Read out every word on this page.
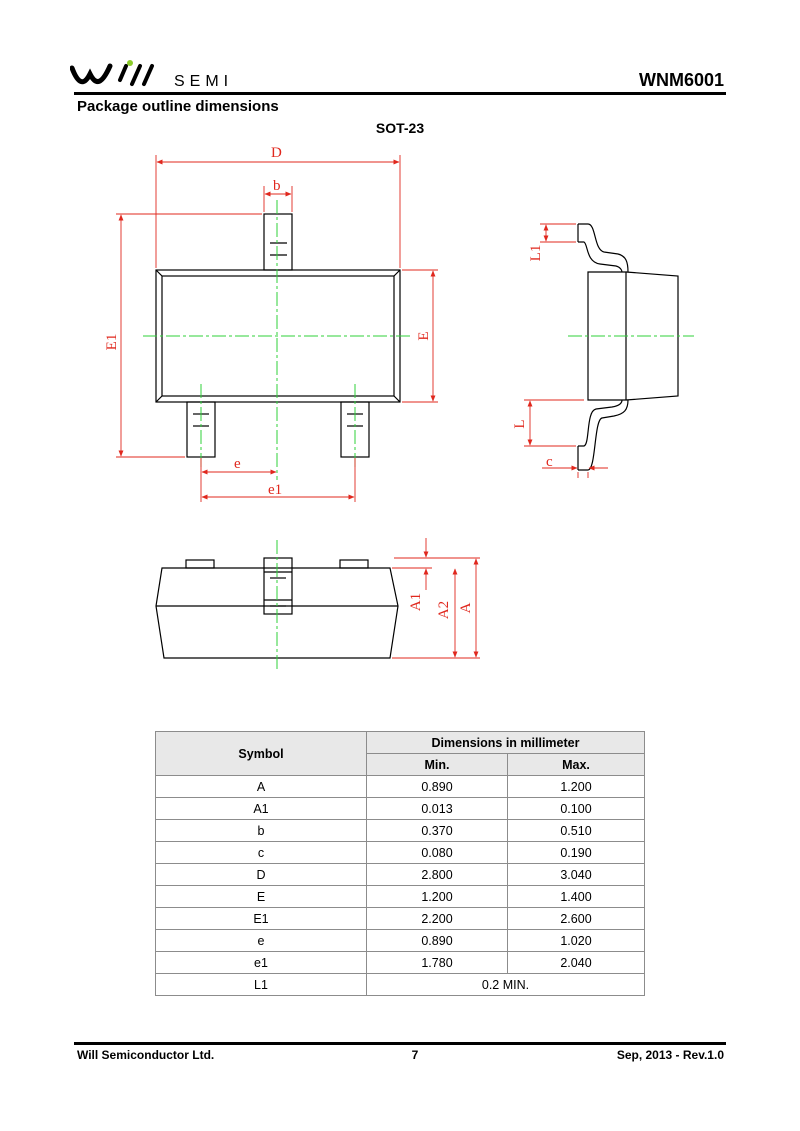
SEMI	WNM6001
Package outline dimensions
SOT-23
D
b
E1	E
e
e1
L1
L
c
A1 A2 A
Symbol	Dimensions in millimeter	
	Min.	Max.
A	0.890	1.200
A1	0.013	0.100
b	0.370	0.510
c	0.080	0.190
D	2.800	3.040
E	1.200	1.400
E1	2.200	2.600
e	0.890	1.020
e1	1.780	2.040
L1	0.2 MIN.	
Will Semiconductor Ltd.	7	Sep, 2013 - Rev.1.0
